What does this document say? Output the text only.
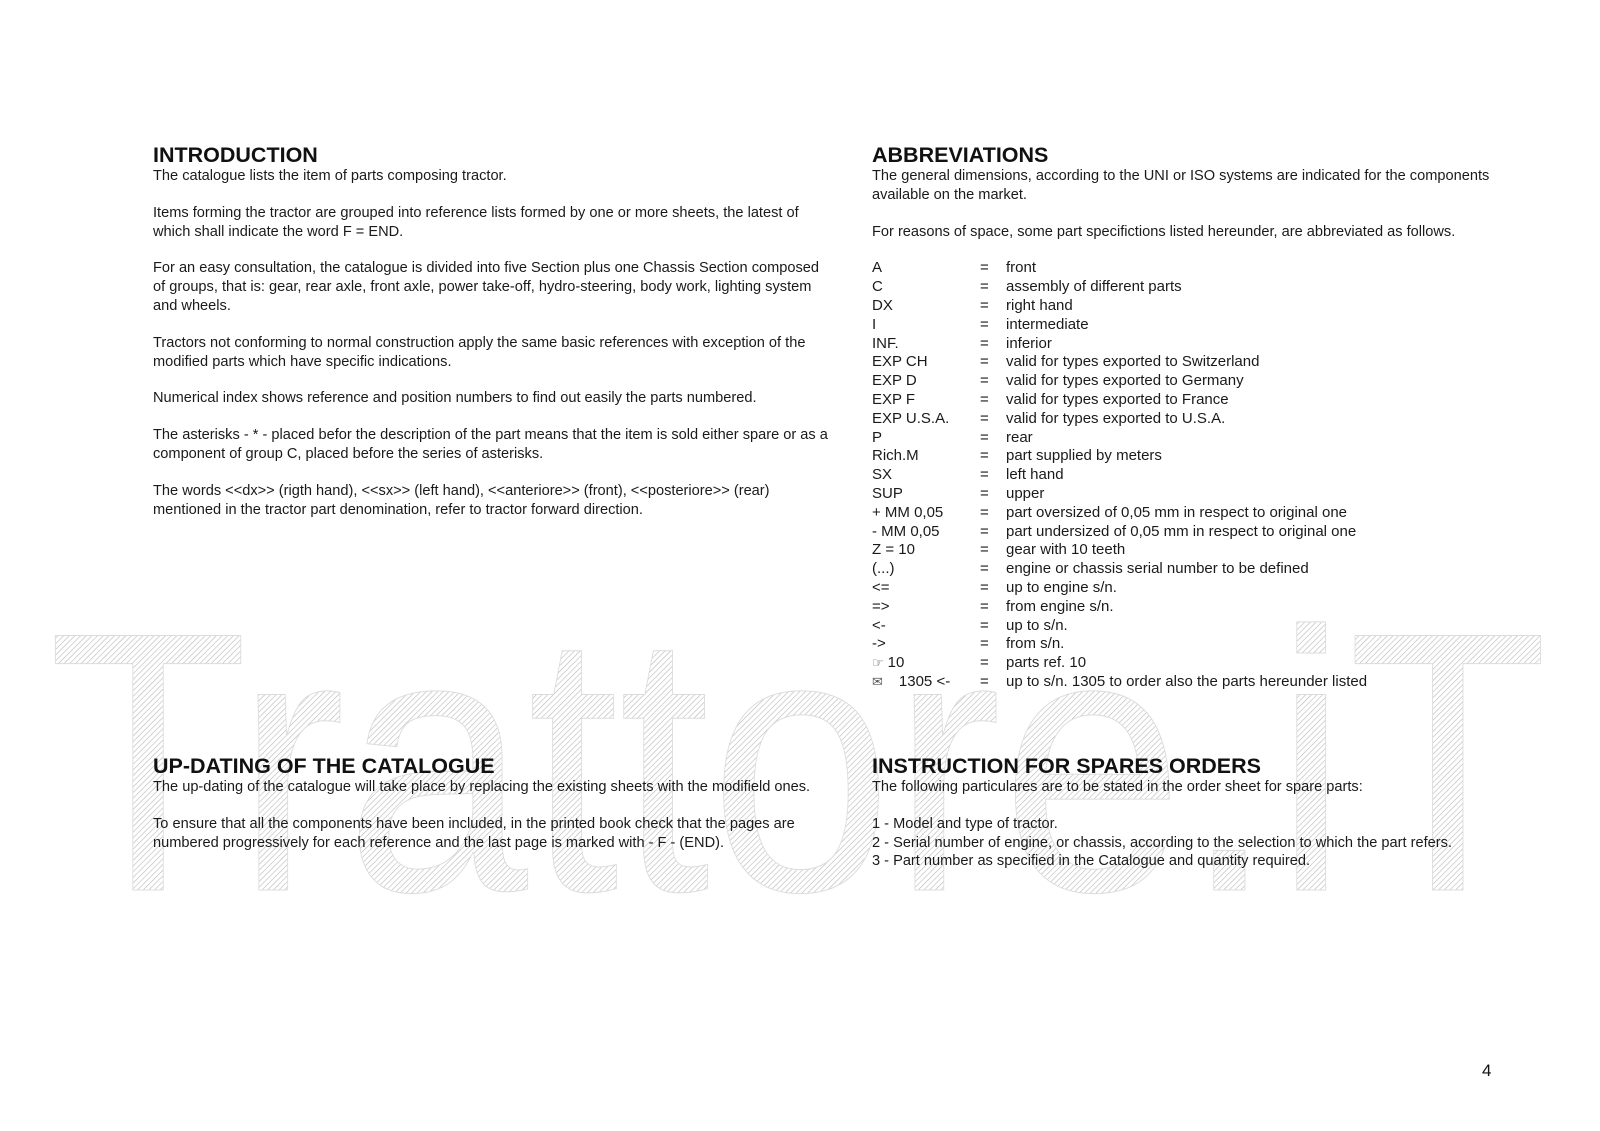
Trattore.iT
INTRODUCTION

The catalogue lists the item of parts composing tractor.

Items forming the tractor are grouped into reference lists formed by one or more sheets, the latest of which shall indicate the word F = END.

For an easy consultation, the catalogue is divided into five Section plus one Chassis Section composed of groups, that is: gear, rear axle, front axle, power take-off, hydro-steering, body work, lighting system and wheels.

Tractors not conforming to normal construction apply the same basic references with exception of the modified parts which have specific indications.

Numerical index shows reference and position numbers to find out easily the parts numbered.

The asterisks - * - placed befor the description of the part means that the item is sold either spare or as a component of group C, placed before the series of asterisks.

The words <<dx>> (rigth hand), <<sx>> (left hand), <<anteriore>> (front), <<posteriore>> (rear) mentioned in the tractor part denomination, refer to tractor forward direction.

UP-DATING OF THE CATALOGUE

The up-dating of the catalogue will take place by replacing the existing sheets with the modifield ones.

To ensure that all the components have been included, in the printed book check that the pages are numbered progressively for each reference and the last page is marked with - F - (END).

ABBREVIATIONS

The general dimensions, according to the UNI or ISO systems are indicated for the components available on the market.

For reasons of space, some part specifictions listed hereunder, are abbreviated as follows.

A	=	front
C	=	assembly of different parts
DX	=	right hand
I	=	intermediate
INF.	=	inferior
EXP CH	=	valid for types exported to Switzerland
EXP D	=	valid for types exported to Germany
EXP F	=	valid for types exported to France
EXP U.S.A.	=	valid for types exported to U.S.A.
P	=	rear
Rich.M	=	part supplied by meters
SX	=	left hand
SUP	=	upper
+ MM 0,05	=	part oversized of 0,05 mm in respect to original one
- MM 0,05	=	part undersized of 0,05 mm in respect to original one
Z = 10	=	gear with 10 teeth
(...)	=	engine or chassis serial number to be defined
<=	=	up to engine s/n.
=>	=	from engine s/n.
<-	=	up to s/n.
->	=	from s/n.
☞ 10	=	parts ref. 10
✉ 1305 <-	=	up to s/n. 1305 to order also the parts hereunder listed
INSTRUCTION FOR SPARES ORDERS

The following particulares are to be stated in the order sheet for spare parts:

1 - Model and type of tractor.

2 - Serial number of engine, or chassis, according to the selection to which the part refers.

3 - Part number as specified in the Catalogue and quantity required.

4
